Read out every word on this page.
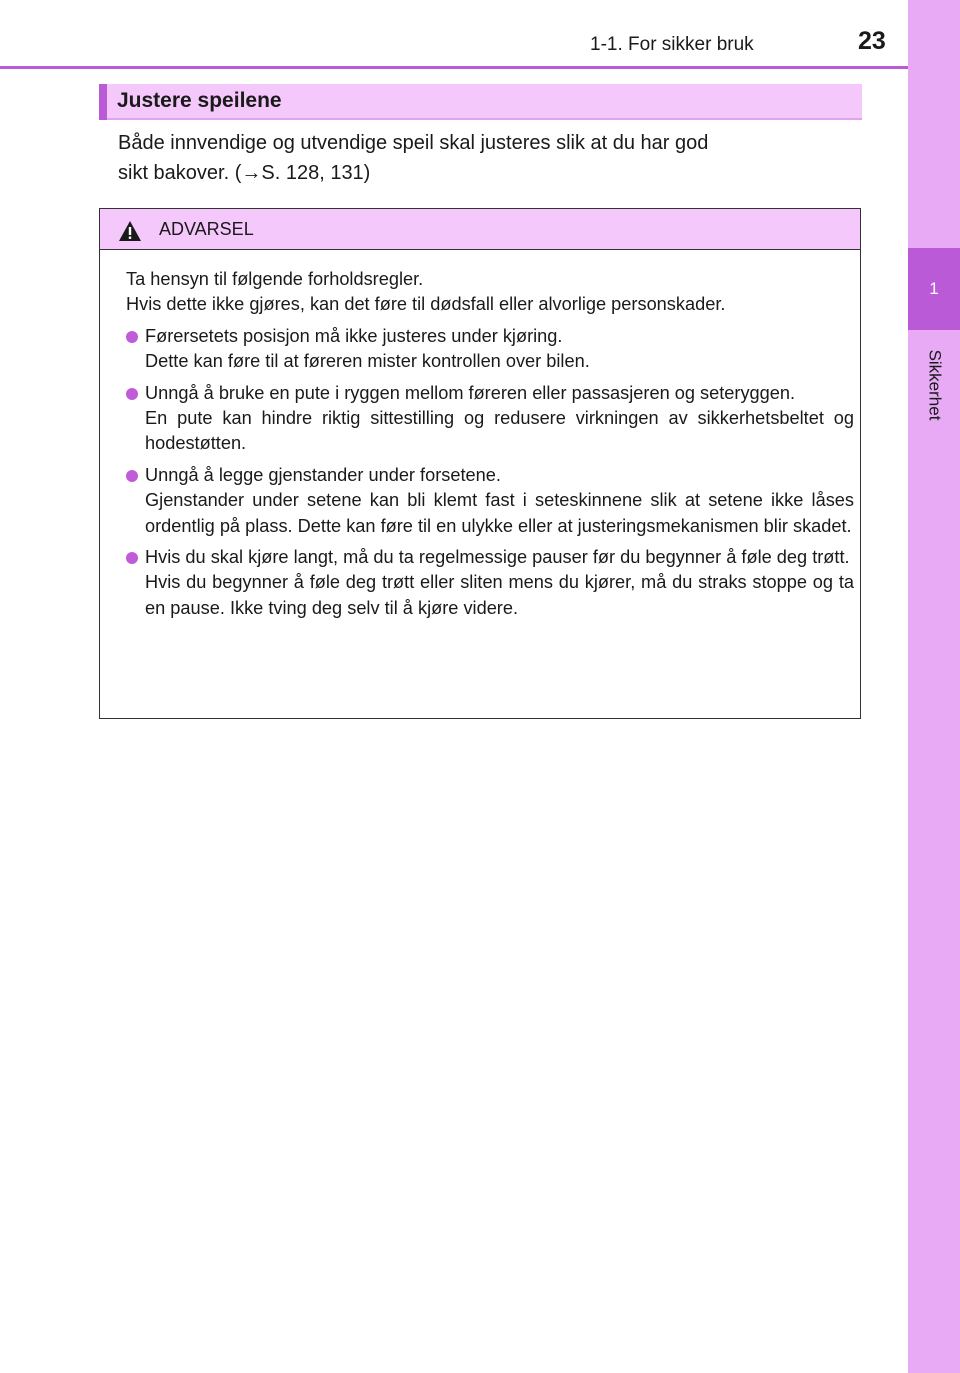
1
Sikkerhet
1-1. For sikker bruk	23
Justere speilene

Både innvendige og utvendige speil skal justeres slik at du har god
sikt bakover. (→S. 128, 131)

ADVARSEL

Ta hensyn til følgende forholdsregler.

Hvis dette ikke gjøres, kan det føre til dødsfall eller alvorlige personskader.

Førersetets posisjon må ikke justeres under kjøring.

Dette kan føre til at føreren mister kontrollen over bilen.

Unngå å bruke en pute i ryggen mellom føreren eller passasjeren og seteryggen.

En pute kan hindre riktig sittestilling og redusere virkningen av sikkerhetsbeltet og hodestøtten.

Unngå å legge gjenstander under forsetene.

Gjenstander under setene kan bli klemt fast i seteskinnene slik at setene ikke låses ordentlig på plass. Dette kan føre til en ulykke eller at justeringsmekanismen blir skadet.

Hvis du skal kjøre langt, må du ta regelmessige pauser før du begynner å føle deg trøtt.

Hvis du begynner å føle deg trøtt eller sliten mens du kjører, må du straks stoppe og ta en pause. Ikke tving deg selv til å kjøre videre.
